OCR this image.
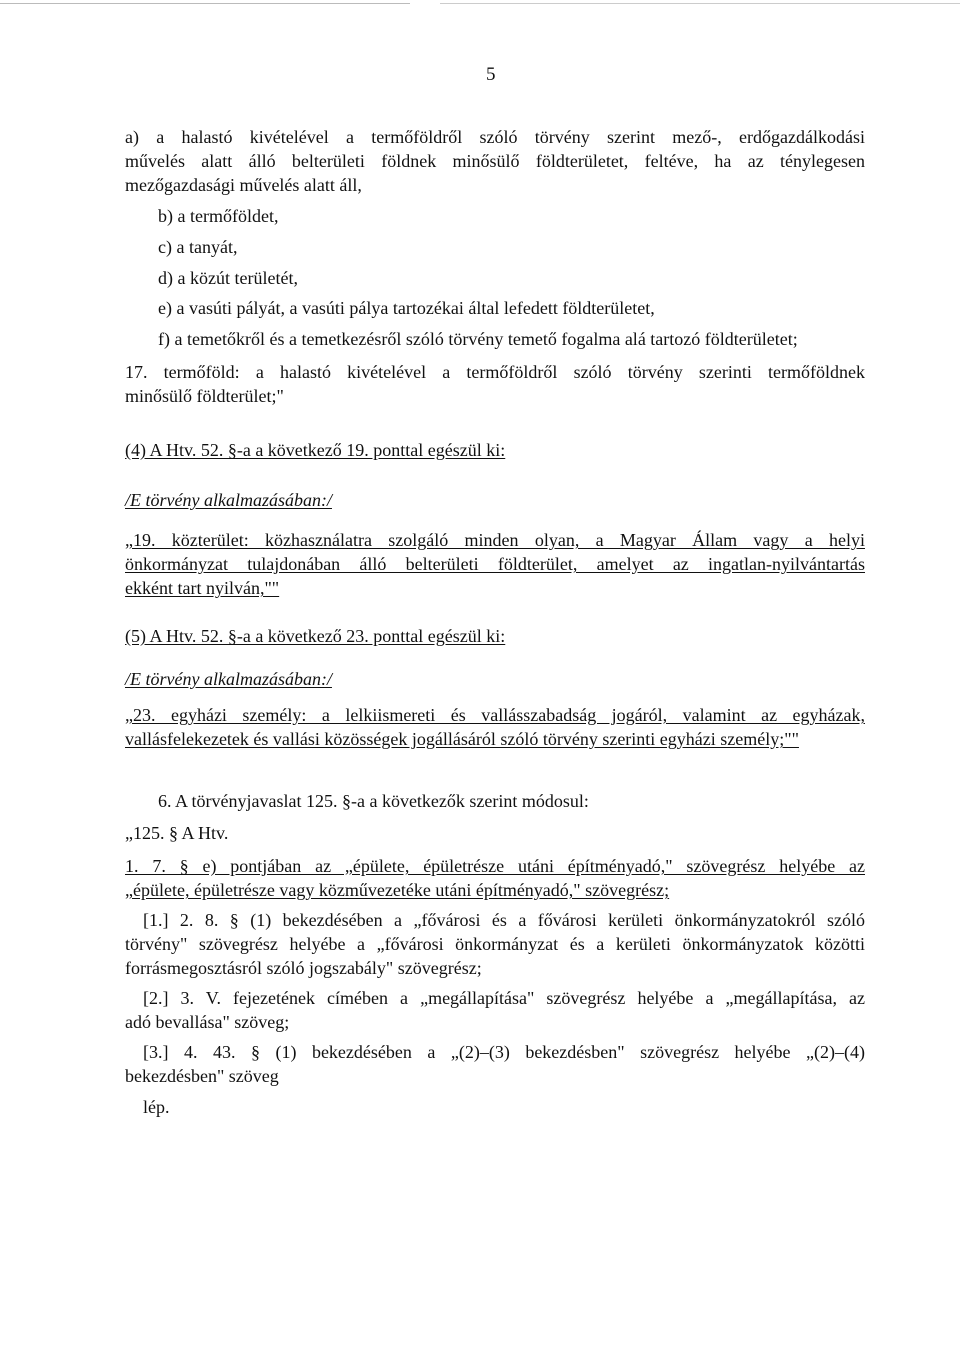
5
a) a halastó kivételével a termőföldről szóló törvény szerint mező-, erdőgazdálkodási
művelés alatt álló belterületi földnek minősülő földterületet, feltéve, ha az ténylegesen
mezőgazdasági művelés alatt áll,
b) a termőföldet,
c) a tanyát,
d) a közút területét,
e) a vasúti pályát, a vasúti pálya tartozékai által lefedett földterületet,
f) a temetőkről és a temetkezésről szóló törvény temető fogalma alá tartozó földterületet;
17. termőföld: a halastó kivételével a termőföldről szóló törvény szerinti termőföldnek
minősülő földterület;"
(4) A Htv. 52. §-a a következő 19. ponttal egészül ki:
/E törvény alkalmazásában:/
„19. közterület: közhasználatra szolgáló minden olyan, a Magyar Állam vagy a helyi
önkormányzat tulajdonában álló belterületi földterület, amelyet az ingatlan-nyilvántartás
ekként tart nyilván,""
(5) A Htv. 52. §-a a következő 23. ponttal egészül ki:
/E törvény alkalmazásában:/
„23. egyházi személy: a lelkiismereti és vallásszabadság jogáról, valamint az egyházak,
vallásfelekezetek és vallási közösségek jogállásáról szóló törvény szerinti egyházi személy;""
6. A törvényjavaslat 125. §-a a következők szerint módosul:
„125. § A Htv.
1. 7. § e) pontjában az „épülete, épületrésze utáni építményadó," szövegrész helyébe az
„épülete, épületrésze vagy közművezetéke utáni építményadó," szövegrész;
[1.] 2. 8. § (1) bekezdésében a „fővárosi és a fővárosi kerületi önkormányzatokról szóló
törvény" szövegrész helyébe a „fővárosi önkormányzat és a kerületi önkormányzatok közötti
forrásmegosztásról szóló jogszabály" szövegrész;
[2.] 3. V. fejezetének címében a „megállapítása" szövegrész helyébe a „megállapítása, az
adó bevallása" szöveg;
[3.] 4. 43. § (1) bekezdésében a „(2)–(3) bekezdésben" szövegrész helyébe „(2)–(4)
bekezdésben" szöveg
lép.
